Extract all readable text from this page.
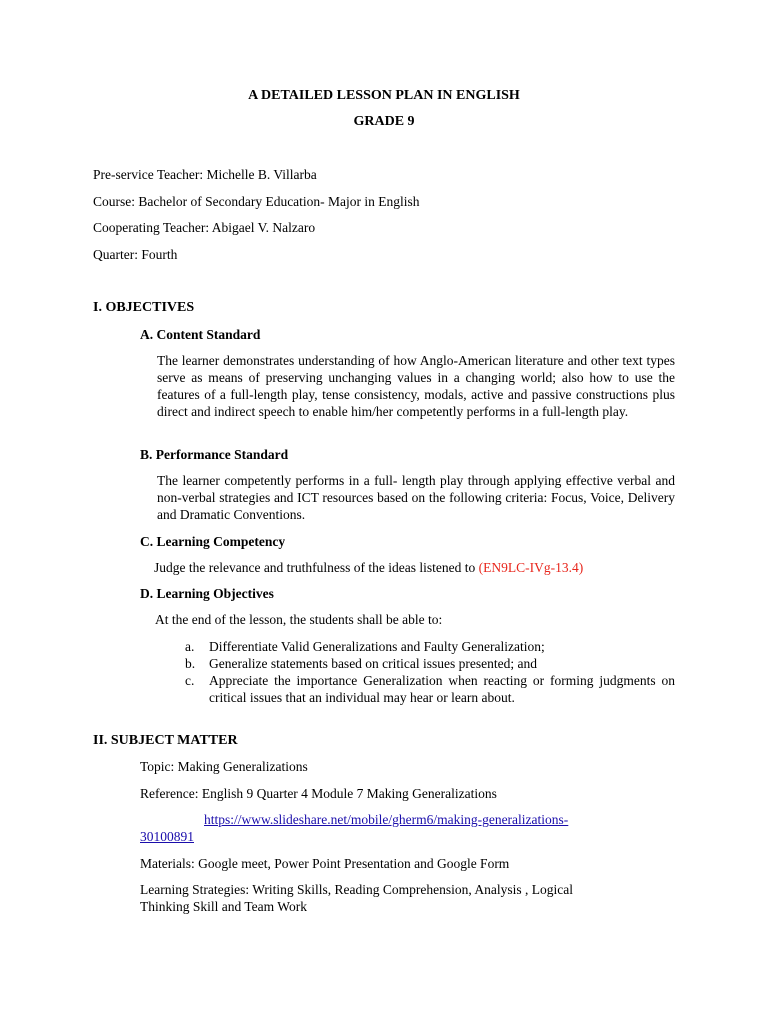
A DETAILED LESSON PLAN IN ENGLISH
GRADE 9
Pre-service Teacher: Michelle B. Villarba
Course: Bachelor of Secondary Education- Major in English
Cooperating Teacher: Abigael V. Nalzaro
Quarter: Fourth
I. OBJECTIVES
A. Content Standard
The learner demonstrates understanding of how Anglo-American literature and other text types serve as means of preserving unchanging values in a changing world; also how to use the features of a full-length play, tense consistency, modals, active and passive constructions plus direct and indirect speech to enable him/her competently performs in a full-length play.
B. Performance Standard
The learner competently performs in a full- length play through applying effective verbal and non-verbal strategies and ICT resources based on the following criteria: Focus, Voice, Delivery and Dramatic Conventions.
C. Learning Competency
Judge the relevance and truthfulness of the ideas listened to (EN9LC-IVg-13.4)
D. Learning Objectives
At the end of the lesson, the students shall be able to:
a. Differentiate Valid Generalizations and Faulty Generalization;
b. Generalize statements based on critical issues presented; and
c. Appreciate the importance Generalization when reacting or forming judgments on critical issues that an individual may hear or learn about.
II. SUBJECT MATTER
Topic: Making Generalizations
Reference: English 9 Quarter 4 Module 7 Making Generalizations
https://www.slideshare.net/mobile/gherm6/making-generalizations-
30100891
Materials: Google meet, Power Point Presentation and Google Form
Learning Strategies: Writing Skills, Reading Comprehension, Analysis , Logical
Thinking Skill and Team Work
